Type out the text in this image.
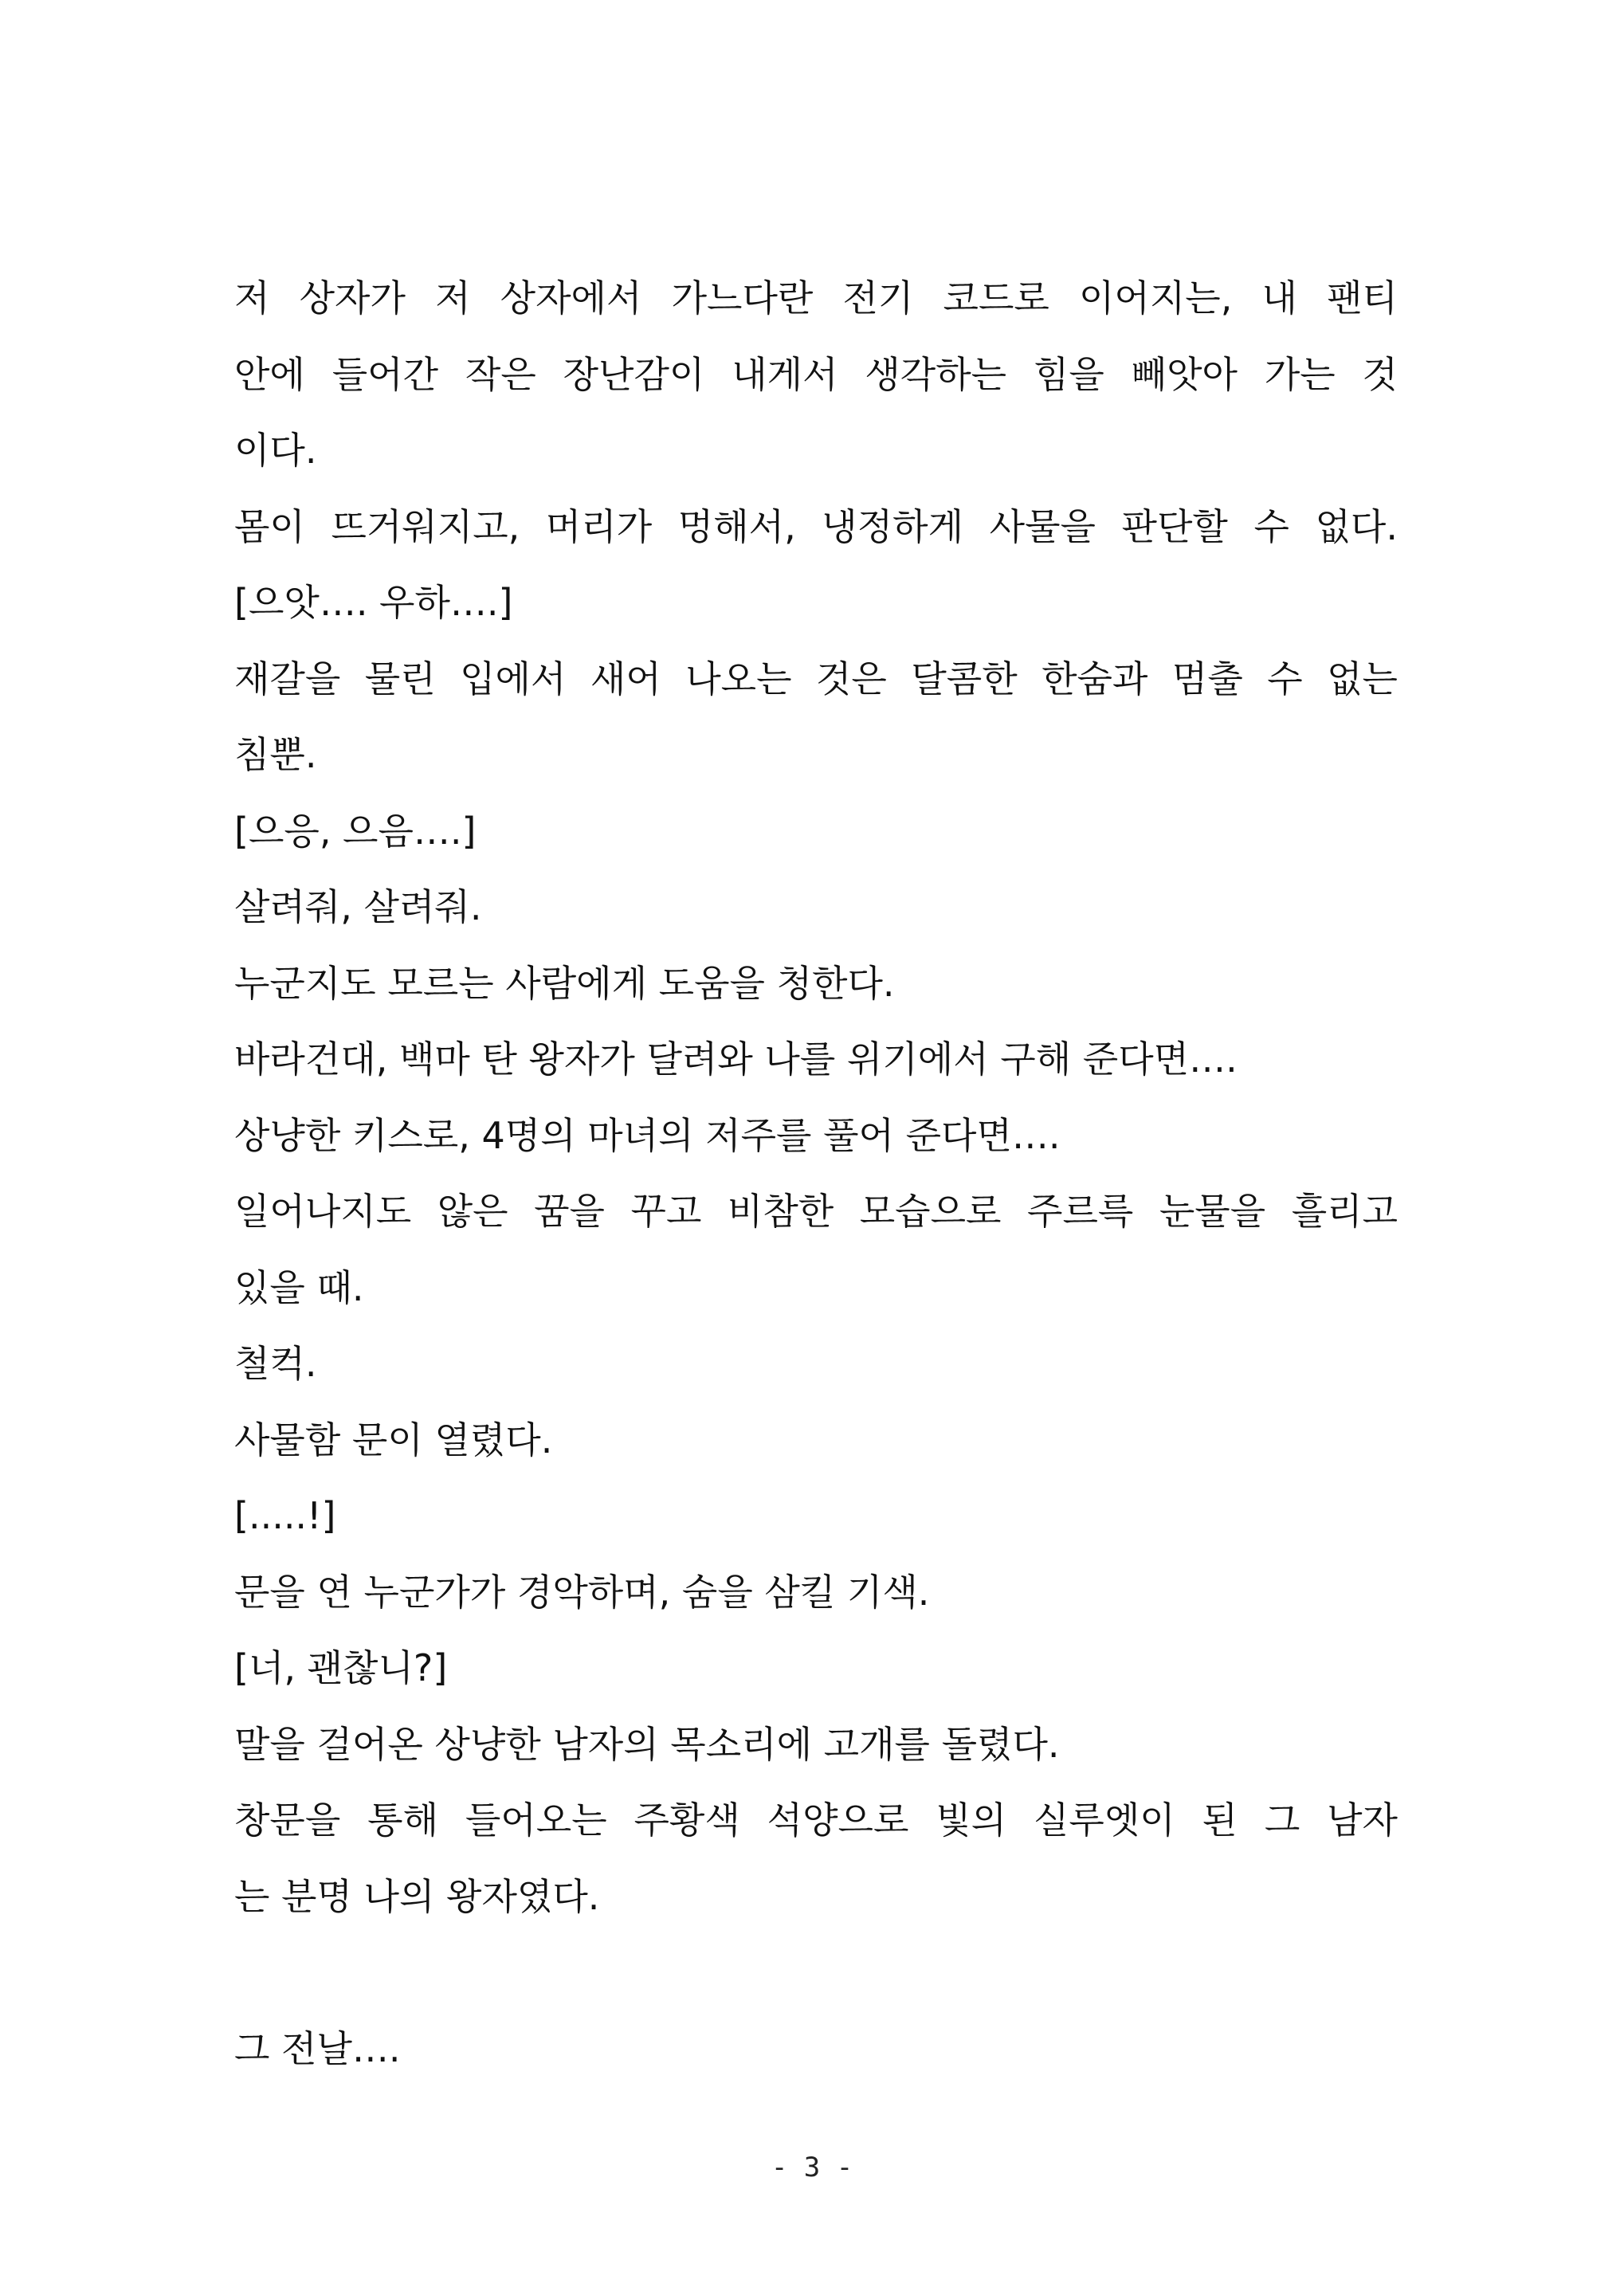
저 상자가 저 상자에서 가느다란 전기 코드로 이어지는, 내 팬티
안에 들어간 작은 장난감이 내게서 생각하는 힘을 빼앗아 가는 것
이다.
몸이 뜨거워지고, 머리가 멍해서, 냉정하게 사물을 판단할 수 없다.
[으앗…. 우하….]
재갈을 물린 입에서 새어 나오는 것은 달콤한 한숨과 멈출 수 없는
침뿐.
[으응, 으음….]
살려줘, 살려줘.
누군지도 모르는 사람에게 도움을 청한다.
바라건대, 백마 탄 왕자가 달려와 나를 위기에서 구해 준다면….
상냥한 키스로, 4명의 마녀의 저주를 풀어 준다면….
일어나지도 않은 꿈을 꾸고 비참한 모습으로 주르륵 눈물을 흘리고
있을 때.
철컥.
사물함 문이 열렸다.
[.....!]
문을 연 누군가가 경악하며, 숨을 삼킬 기색.
[너, 괜찮니?]
말을 걸어온 상냥한 남자의 목소리에 고개를 돌렸다.
창문을 통해 들어오는 주황색 석양으로 빛의 실루엣이 된 그 남자
는 분명 나의 왕자였다.
그 전날….
- 3 -
